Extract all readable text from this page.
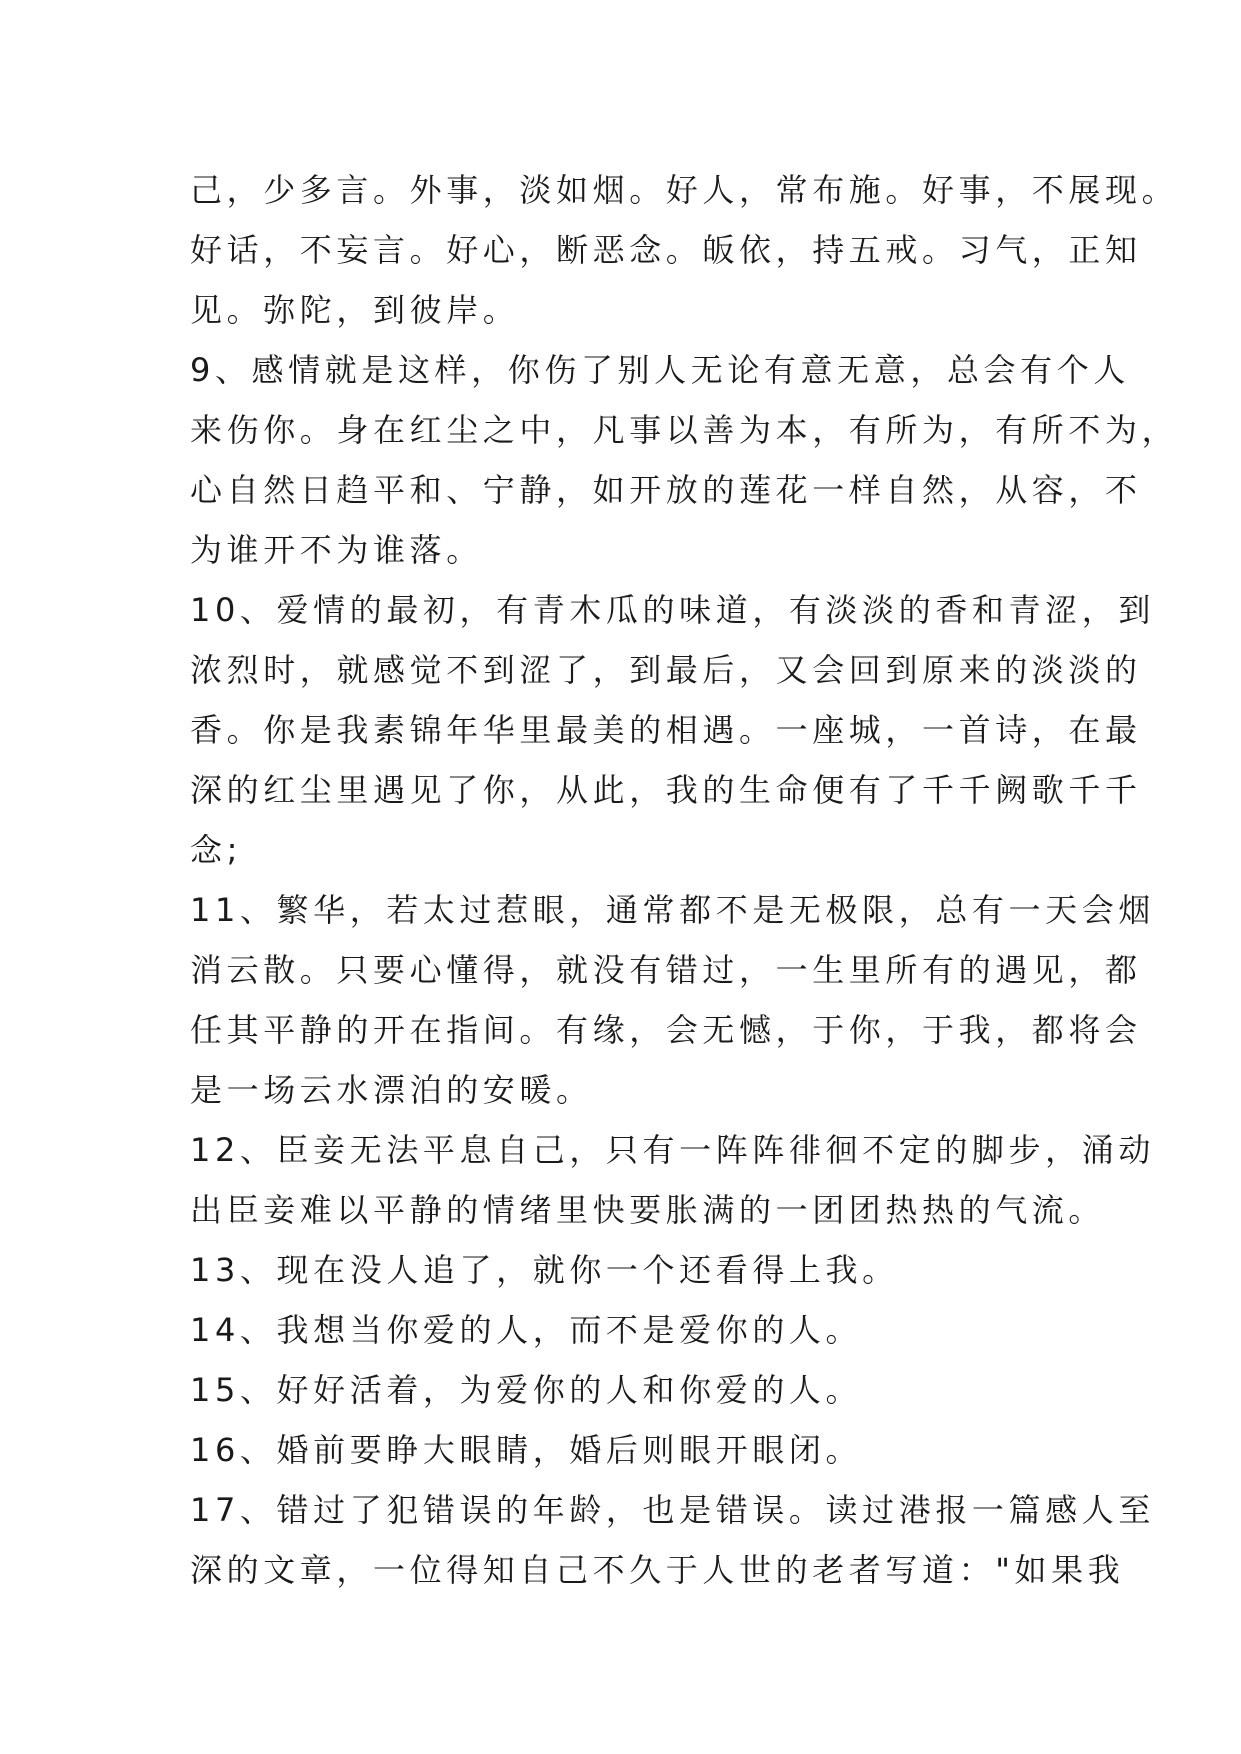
己，少多言。外事，淡如烟。好人，常布施。好事，不展现。
好话，不妄言。好心，断恶念。皈依，持五戒。习气，正知
见。弥陀，到彼岸。
9、感情就是这样，你伤了别人无论有意无意，总会有个人
来伤你。身在红尘之中，凡事以善为本，有所为，有所不为，
心自然日趋平和、宁静，如开放的莲花一样自然，从容，不
为谁开不为谁落。
10、爱情的最初，有青木瓜的味道，有淡淡的香和青涩，到
浓烈时，就感觉不到涩了，到最后，又会回到原来的淡淡的
香。你是我素锦年华里最美的相遇。一座城，一首诗，在最
深的红尘里遇见了你，从此，我的生命便有了千千阙歌千千
念;
11、繁华，若太过惹眼，通常都不是无极限，总有一天会烟
消云散。只要心懂得，就没有错过，一生里所有的遇见，都
任其平静的开在指间。有缘，会无憾，于你，于我，都将会
是一场云水漂泊的安暖。
12、臣妾无法平息自己，只有一阵阵徘徊不定的脚步，涌动
出臣妾难以平静的情绪里快要胀满的一团团热热的气流。
13、现在没人追了，就你一个还看得上我。
14、我想当你爱的人，而不是爱你的人。
15、好好活着，为爱你的人和你爱的人。
16、婚前要睁大眼睛，婚后则眼开眼闭。
17、错过了犯错误的年龄，也是错误。读过港报一篇感人至
深的文章，一位得知自己不久于人世的老者写道："如果我
